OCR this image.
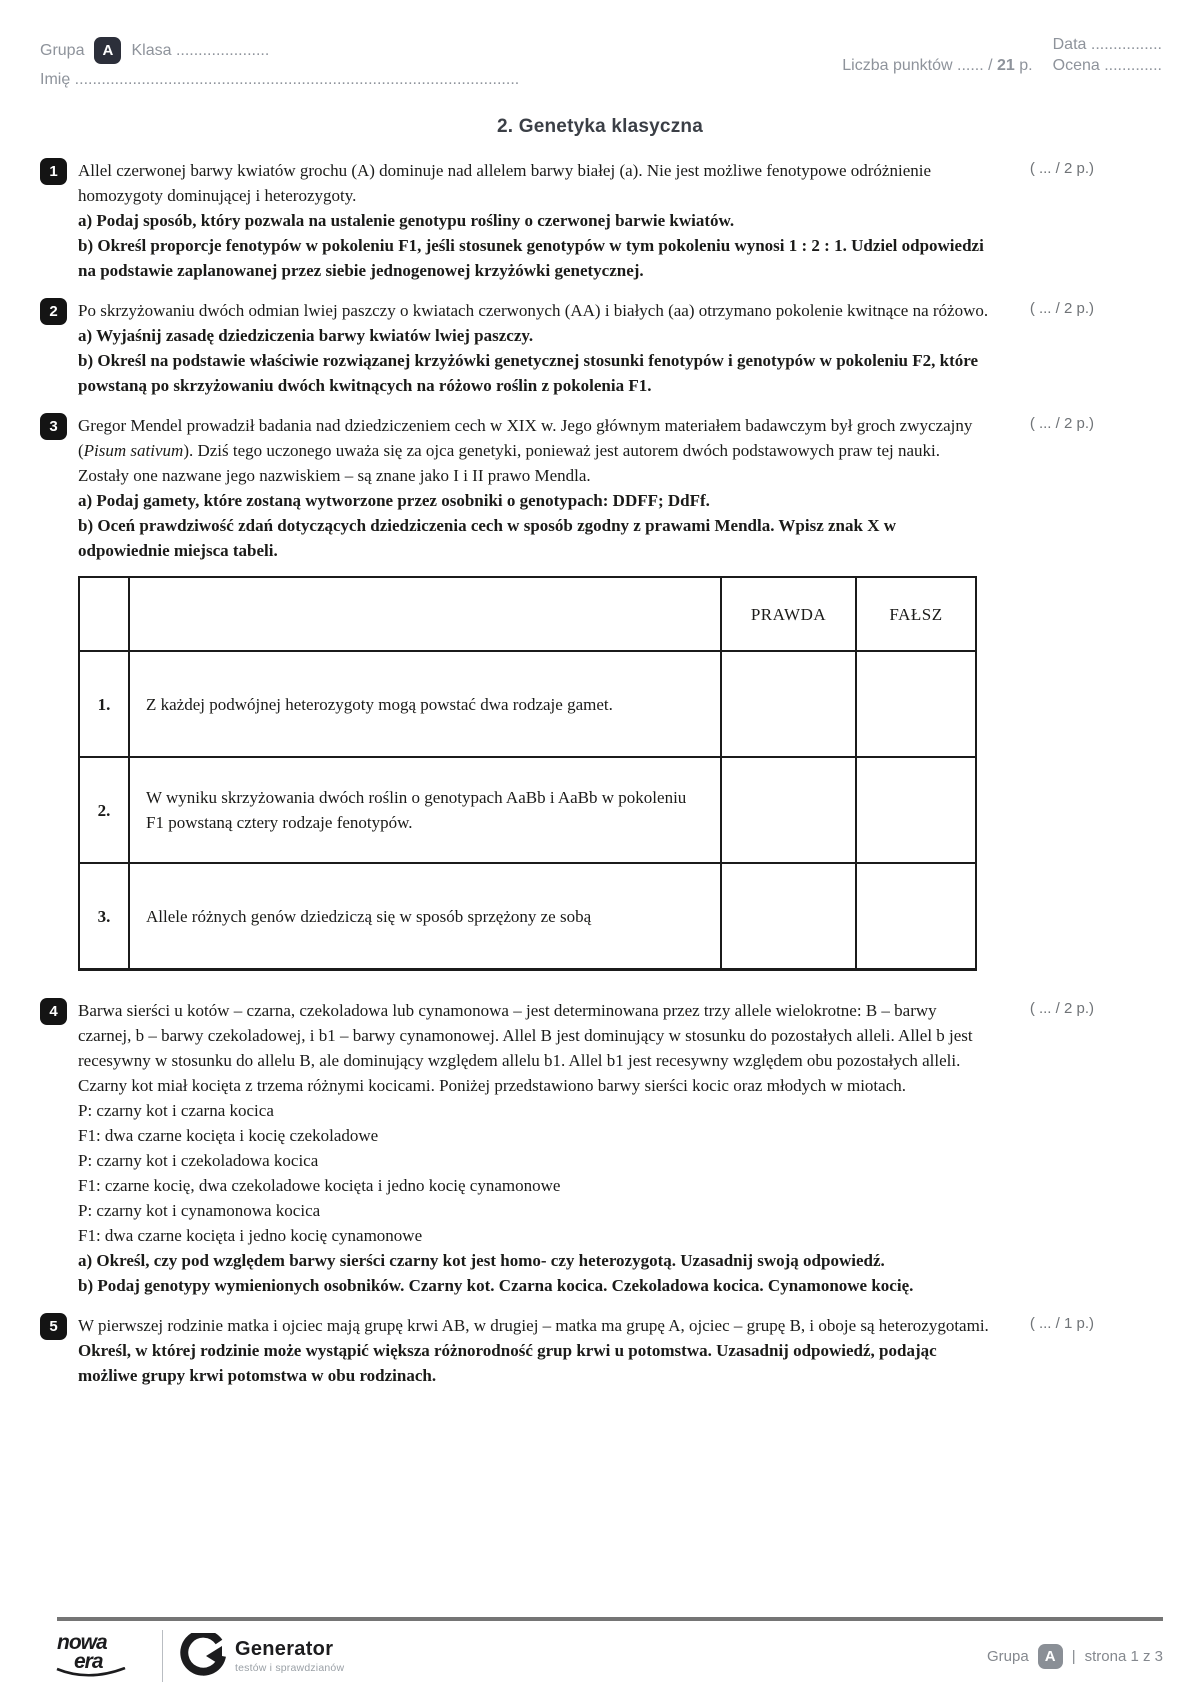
Grupa	A	Klasa .....................
Imię ....................................................................................................
Data ................
Liczba punktów ...... / 21 p. Ocena .............
2. Genetyka klasyczna
1	Allel czerwonej barwy kwiatów grochu (A) dominuje nad allelem barwy białej (a). Nie jest możliwe fenotypowe odróżnienie homozygoty dominującej i heterozygoty.

a) Podaj sposób, który pozwala na ustalenie genotypu rośliny o czerwonej barwie kwiatów.

b) Określ proporcje fenotypów w pokoleniu F1, jeśli stosunek genotypów w tym pokoleniu wynosi 1 : 2 : 1. Udziel odpowiedzi na podstawie zaplanowanej przez siebie jednogenowej krzyżówki genetycznej.

( ... / 2 p.)
2	Po skrzyżowaniu dwóch odmian lwiej paszczy o kwiatach czerwonych (AA) i białych (aa) otrzymano pokolenie kwitnące na różowo.

a) Wyjaśnij zasadę dziedziczenia barwy kwiatów lwiej paszczy.

b) Określ na podstawie właściwie rozwiązanej krzyżówki genetycznej stosunki fenotypów i genotypów w pokoleniu F2, które powstaną po skrzyżowaniu dwóch kwitnących na różowo roślin z pokolenia F1.

( ... / 2 p.)
3	Gregor Mendel prowadził badania nad dziedziczeniem cech w XIX w. Jego głównym materiałem badawczym był groch zwyczajny (Pisum sativum). Dziś tego uczonego uważa się za ojca genetyki, ponieważ jest autorem dwóch podstawowych praw tej nauki. Zostały one nazwane jego nazwiskiem – są znane jako I i II prawo Mendla.

a) Podaj gamety, które zostaną wytworzone przez osobniki o genotypach: DDFF; DdFf.

b) Oceń prawdziwość zdań dotyczących dziedziczenia cech w sposób zgodny z prawami Mendla. Wpisz znak X w odpowiednie miejsca tabeli.

		PRAWDA	FAŁSZ
1.	Z każdej podwójnej heterozygoty mogą powstać dwa rodzaje gamet.		
2.	W wyniku skrzyżowania dwóch roślin o genotypach AaBb i AaBb w pokoleniu F1 powstaną cztery rodzaje fenotypów.		
3.	Allele różnych genów dziedziczą się w sposób sprzężony ze sobą		
( ... / 2 p.)
4	Barwa sierści u kotów – czarna, czekoladowa lub cynamonowa – jest determinowana przez trzy allele wielokrotne: B – barwy czarnej, b – barwy czekoladowej, i b1 – barwy cynamonowej. Allel B jest dominujący w stosunku do pozostałych alleli. Allel b jest recesywny w stosunku do allelu B, ale dominujący względem allelu b1. Allel b1 jest recesywny względem obu pozostałych alleli.

Czarny kot miał kocięta z trzema różnymi kocicami. Poniżej przedstawiono barwy sierści kocic oraz młodych w miotach.

P: czarny kot i czarna kocica

F1: dwa czarne kocięta i kocię czekoladowe

P: czarny kot i czekoladowa kocica

F1: czarne kocię, dwa czekoladowe kocięta i jedno kocię cynamonowe

P: czarny kot i cynamonowa kocica

F1: dwa czarne kocięta i jedno kocię cynamonowe

a) Określ, czy pod względem barwy sierści czarny kot jest homo- czy heterozygotą. Uzasadnij swoją odpowiedź.

b) Podaj genotypy wymienionych osobników. Czarny kot. Czarna kocica. Czekoladowa kocica. Cynamonowe kocię.

( ... / 2 p.)
5	W pierwszej rodzinie matka i ojciec mają grupę krwi AB, w drugiej – matka ma grupę A, ojciec – grupę B, i oboje są heterozygotami.

Określ, w której rodzinie może wystąpić większa różnorodność grup krwi u potomstwa. Uzasadnij odpowiedź, podając możliwe grupy krwi potomstwa w obu rodzinach.

( ... / 1 p.)
nowa
era
Generator
testów i sprawdzianów
Grupa	A	| strona 1 z 3
